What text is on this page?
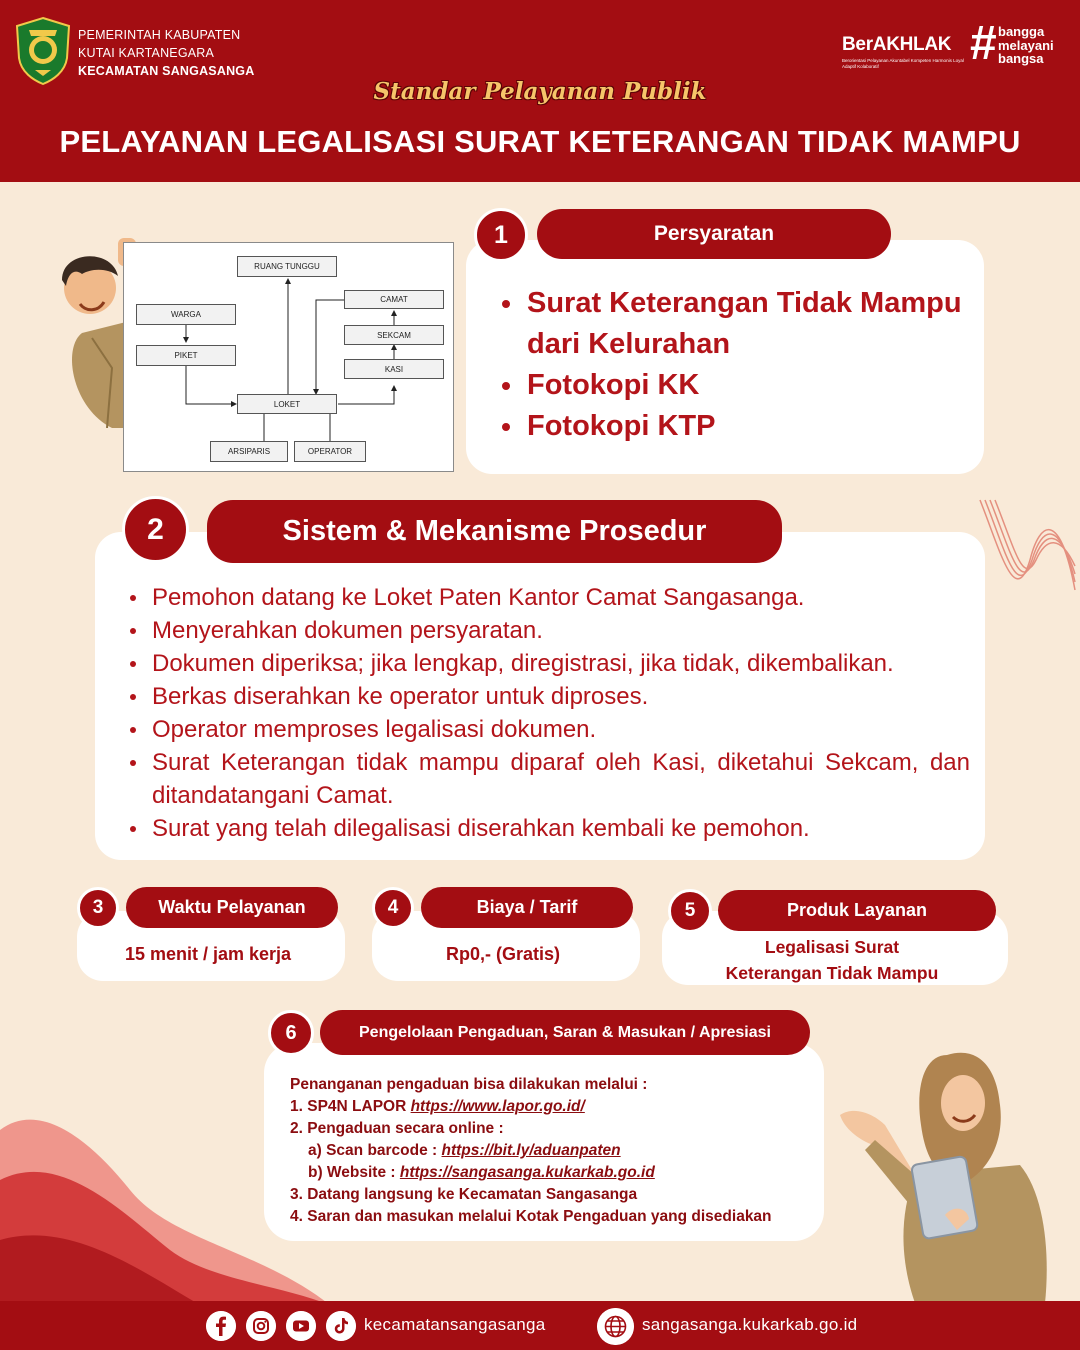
PEMERINTAH KABUPATEN
KUTAI KARTANEGARA
KECAMATAN SANGASANGA
BerAKHLAK
Berorientasi Pelayanan Akuntabel Kompeten Harmonis Loyal Adaptif Kolaboratif	# bangga
melayani
bangsa
Standar Pelayanan Publik
PELAYANAN LEGALISASI SURAT KETERANGAN TIDAK MAMPU
RUANG TUNGGU
WARGA
PIKET
LOKET
ARSIPARIS	OPERATOR
CAMAT
SEKCAM
KASI
Persyaratan
1
Surat Keterangan Tidak Mampu dari Kelurahan
Fotokopi KK
Fotokopi KTP
Sistem & Mekanisme Prosedur
2
Pemohon datang ke Loket Paten Kantor Camat Sangasanga.
Menyerahkan dokumen persyaratan.
Dokumen diperiksa; jika lengkap, diregistrasi, jika tidak, dikembalikan.
Berkas diserahkan ke operator untuk diproses.
Operator memproses legalisasi dokumen.
Surat Keterangan tidak mampu diparaf oleh Kasi, diketahui Sekcam, dan ditandatangani Camat.
Surat yang telah dilegalisasi diserahkan kembali ke pemohon.
Waktu Pelayanan
3
15 menit / jam kerja
Biaya / Tarif
4
Rp0,- (Gratis)
Produk Layanan
5
Legalisasi Surat
Keterangan Tidak Mampu
Pengelolaan Pengaduan, Saran & Masukan / Apresiasi
6
Penanganan pengaduan bisa dilakukan melalui :
1. SP4N LAPOR https://www.lapor.go.id/
2. Pengaduan secara online :
a) Scan barcode : https://bit.ly/aduanpaten
b) Website : https://sangasanga.kukarkab.go.id
3. Datang langsung ke Kecamatan Sangasanga
4. Saran dan masukan melalui Kotak Pengaduan yang disediakan
kecamatansangasanga	sangasanga.kukarkab.go.id
